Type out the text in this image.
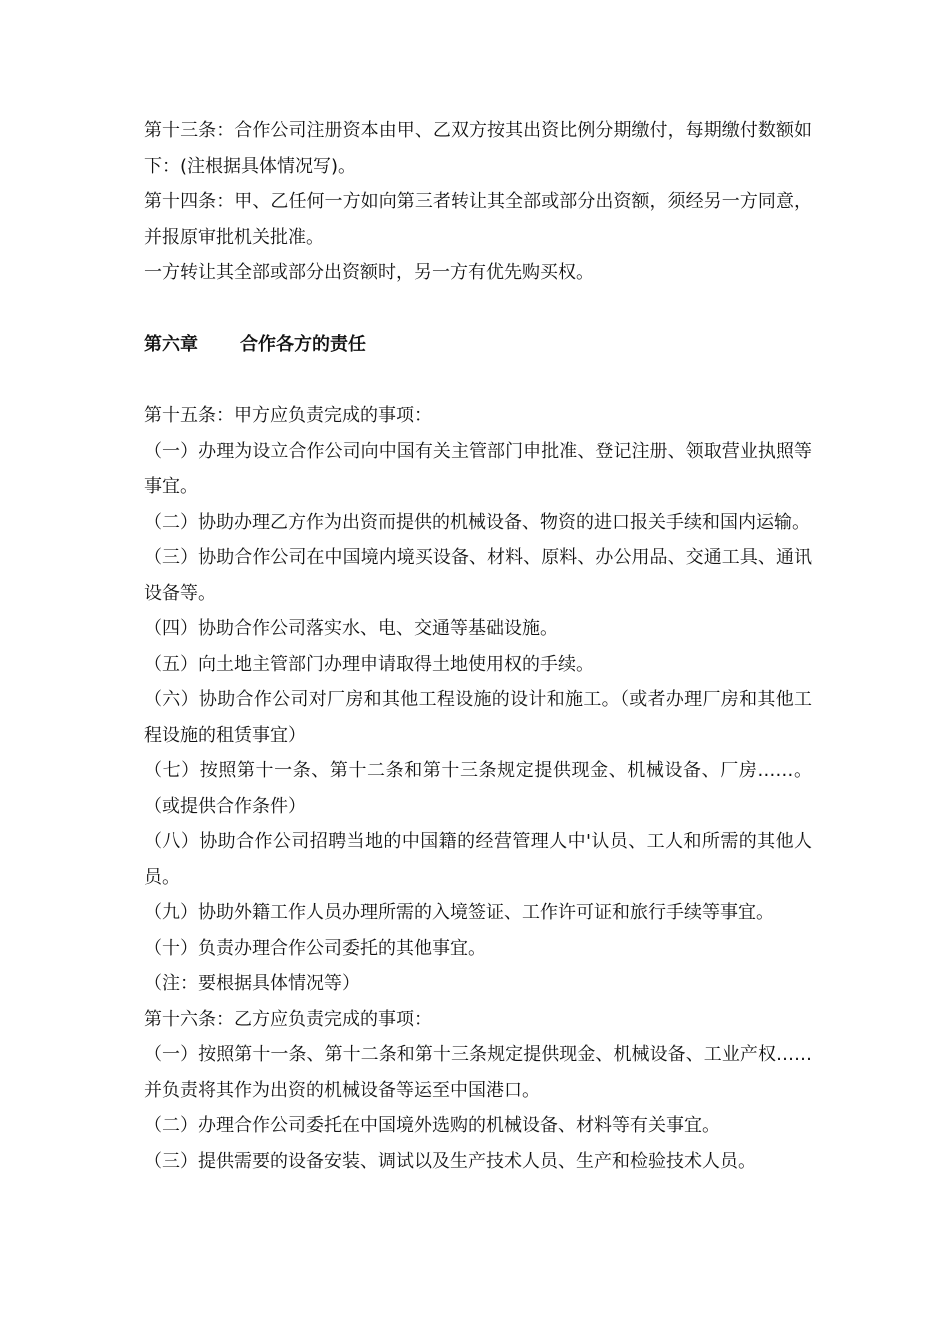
第十三条：合作公司注册资本由甲、乙双方按其出资比例分期缴付，每期缴付数额如下：(注根据具体情况写)。

第十四条：甲、乙任何一方如向第三者转让其全部或部分出资额，须经另一方同意，并报原审批机关批准。

一方转让其全部或部分出资额时，另一方有优先购买权。

第六章 合作各方的责任

第十五条：甲方应负责完成的事项：

（一）办理为设立合作公司向中国有关主管部门申批准、登记注册、领取营业执照等事宜。

（二）协助办理乙方作为出资而提供的机械设备、物资的进口报关手续和国内运输。

（三）协助合作公司在中国境内境买设备、材料、原料、办公用品、交通工具、通讯设备等。

（四）协助合作公司落实水、电、交通等基础设施。

（五）向土地主管部门办理申请取得土地使用权的手续。

（六）协助合作公司对厂房和其他工程设施的设计和施工。（或者办理厂房和其他工程设施的租赁事宜）

（七）按照第十一条、第十二条和第十三条规定提供现金、机械设备、厂房……。（或提供合作条件）

（八）协助合作公司招聘当地的中国籍的经营管理人中'认员、工人和所需的其他人员。

（九）协助外籍工作人员办理所需的入境签证、工作许可证和旅行手续等事宜。

（十）负责办理合作公司委托的其他事宜。

（注：要根据具体情况等）

第十六条：乙方应负责完成的事项：

（一）按照第十一条、第十二条和第十三条规定提供现金、机械设备、工业产权……并负责将其作为出资的机械设备等运至中国港口。

（二）办理合作公司委托在中国境外选购的机械设备、材料等有关事宜。

（三）提供需要的设备安装、调试以及生产技术人员、生产和检验技术人员。
